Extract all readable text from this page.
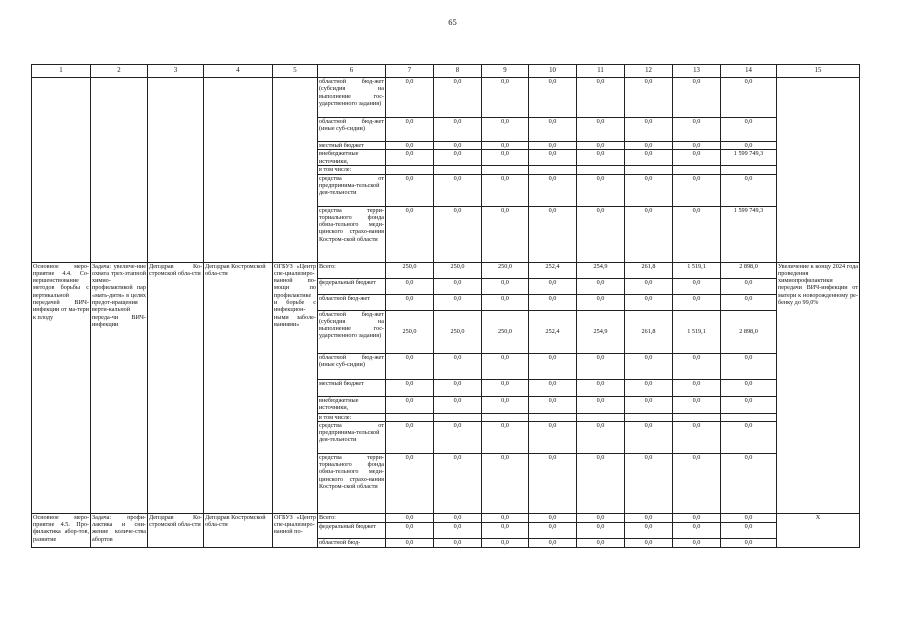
65
1	2	3	4	5	6	7	8	9	10	11	12	13	14	15
					областной бюд-жет (субсидия на выполнение гос-ударственного задания)	0,0	0,0	0,0	0,0	0,0	0,0	0,0	0,0	
					областной бюд-жет (иные суб-сидии)	0,0	0,0	0,0	0,0	0,0	0,0	0,0	0,0	
					местный бюджет	0,0	0,0	0,0	0,0	0,0	0,0	0,0	0,0	
					внебюджетные источники,	0,0	0,0	0,0	0,0	0,0	0,0	0,0	1 599 749,3	
					в том числе:									
					средства от предпринима-тельской дея-тельности	0,0	0,0	0,0	0,0	0,0	0,0	0,0	0,0	
					средства терри-ториального фонда обяза-тельного меди-цинского страхо-вания Костром-ской области	0,0	0,0	0,0	0,0	0,0	0,0	0,0	1 599 749,3	
Основное меро-приятие 4.4. Со-вершенствование методов борьбы с вертикальной передачей ВИЧ-инфекции от ма-тери к плоду	Задача: увеличе-ние охвата трех-этапной химио-профилактикой пар «мать-дитя» в целях предот-вращения верти-кальной переда-чи ВИЧ-инфекции	Депздрав Ко-стромской обла-сти	Депздрав Костромской обла-сти	ОГБУЗ «Центр спе-циализиро-ванной по-мощи по профилактике и борьбе с инфекцион-ными заболе-ваниями»	Всего:	250,0	250,0	250,0	252,4	254,9	261,8	1 519,1	2 898,0	Увеличение к концу 2024 года проведения химиопрофилактики передачи ВИЧ-инфекции от матери к новорожденному ре-бенку до 99,0%
					федеральный бюджет	0,0	0,0	0,0	0,0	0,0	0,0	0,0	0,0	
					областной бюд-жет	0,0	0,0	0,0	0,0	0,0	0,0	0,0	0,0	
					областной бюд-жет (субсидия на выполнение гос-ударственного задания)	250,0	250,0	250,0	252,4	254,9	261,8	1 519,1	2 898,0	
					областной бюд-жет (иные суб-сидии)	0,0	0,0	0,0	0,0	0,0	0,0	0,0	0,0	
					местный бюджет	0,0	0,0	0,0	0,0	0,0	0,0	0,0	0,0	
					внебюджетные источники,	0,0	0,0	0,0	0,0	0,0	0,0	0,0	0,0	
					в том числе:									
					средства от предпринима-тельской дея-тельности	0,0	0,0	0,0	0,0	0,0	0,0	0,0	0,0	
					средства терри-ториального фонда обяза-тельного меди-цинского страхо-вания Костром-ской области	0,0	0,0	0,0	0,0	0,0	0,0	0,0	0,0	
Основное меро-приятие 4.5. Про-филактика абор-тов, развитие	Задача: профи-лактика и сни-жение количе-ства абортов	Депздрав Ко-стромской обла-сти	Депздрав Костромской обла-сти	ОГБУЗ «Центр спе-циализиро-ванной по-	Всего:	0,0	0,0	0,0	0,0	0,0	0,0	0,0	0,0	Х
					федеральный бюджет	0,0	0,0	0,0	0,0	0,0	0,0	0,0	0,0	
					областной бюд-	0,0	0,0	0,0	0,0	0,0	0,0	0,0	0,0	
